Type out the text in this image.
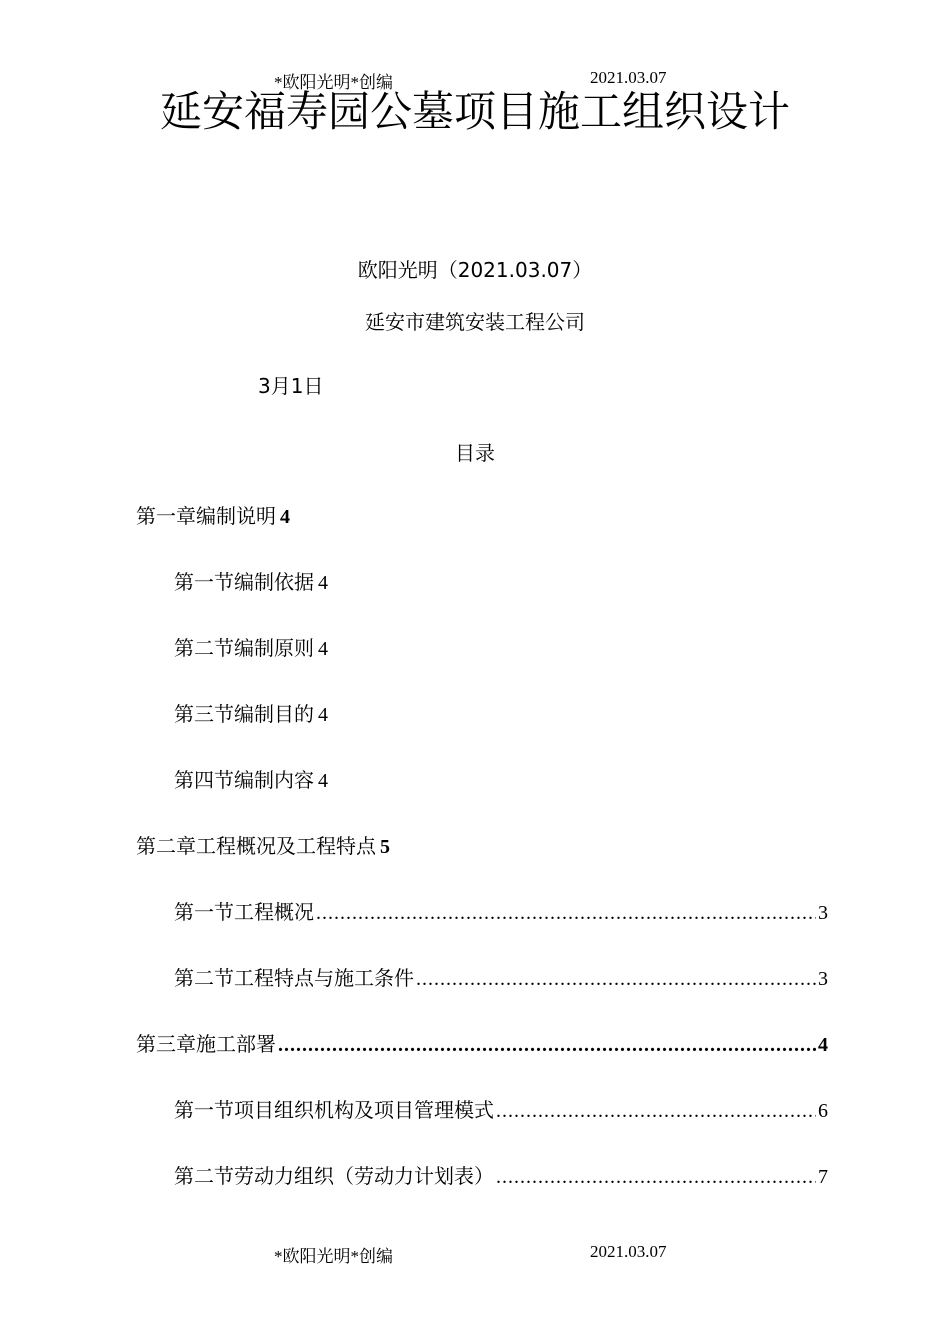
*欧阳光明*创编	2021.03.07
延安福寿园公墓项目施工组织设计
欧阳光明（2021.03.07）
延安市建筑安装工程公司
3月1日
目录
第一章编制说明 4
第一节编制依据 4
第二节编制原则 4
第三节编制目的 4
第四节编制内容 4
第二章工程概况及工程特点 5
第一节工程概况 .....	3
第二节工程特点与施工条件 .....	3
第三章施工部署 .....	4
第一节项目组织机构及项目管理模式 .....	6
第二节劳动力组织（劳动力计划表） .....	7
*欧阳光明*创编	2021.03.07
